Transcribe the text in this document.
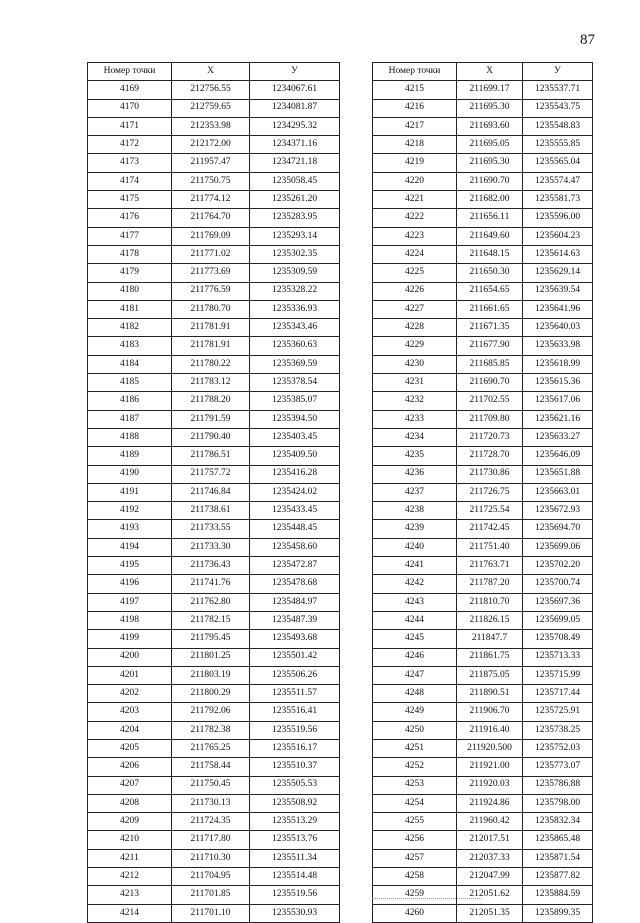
87
Номер точки	X	У
4169	212756.55	1234067.61
4170	212759.65	1234081.87
4171	212353.98	1234295.32
4172	212172.00	1234371.16
4173	211957.47	1234721.18
4174	211750.75	1235058.45
4175	211774.12	1235261.20
4176	211764.70	1235283.95
4177	211769.09	1235293.14
4178	211771.02	1235302.35
4179	211773.69	1235309.59
4180	211776.59	1235328.22
4181	211780.70	1235336.93
4182	211781.91	1235343.46
4183	211781.91	1235360.63
4184	211780.22	1235369.59
4185	211783.12	1235378.54
4186	211788.20	1235385.07
4187	211791.59	1235394.50
4188	211790.40	1235403.45
4189	211786.51	1235409.50
4190	211757.72	1235416.28
4191	211746.84	1235424.02
4192	211738.61	1235433.45
4193	211733.55	1235448.45
4194	211733.30	1235458.60
4195	211736.43	1235472.87
4196	211741.76	1235478.68
4197	211762.80	1235484.97
4198	211782.15	1235487.39
4199	211795.45	1235493.68
4200	211801.25	1235501.42
4201	211803.19	1235506.26
4202	211800.29	1235511.57
4203	211792.06	1235516.41
4204	211782.38	1235519.56
4205	211765.25	1235516.17
4206	211758.44	1235510.37
4207	211750.45	1235505.53
4208	211730.13	1235508.92
4209	211724.35	1235513.29
4210	211717.80	1235513.76
4211	211710.30	1235511.34
4212	211704.95	1235514.48
4213	211701.85	1235519.56
4214	211701.10	1235530.93
Номер точки	X	У
4215	211699.17	1235537.71
4216	211695.30	1235543.75
4217	211693.60	1235548.83
4218	211695.05	1235555.85
4219	211695.30	1235565.04
4220	211690.70	1235574.47
4221	211682.00	1235581.73
4222	211656.11	1235596.00
4223	211649.60	1235604.23
4224	211648.15	1235614.63
4225	211650.30	1235629.14
4226	211654.65	1235639.54
4227	211661.65	1235641.96
4228	211671.35	1235640.03
4229	211677.90	1235633.98
4230	211685.85	1235618.99
4231	211690.70	1235615.36
4232	211702.55	1235617.06
4233	211709.80	1235621.16
4234	211720.73	1235633.27
4235	211728.70	1235646.09
4236	211730.86	1235651.88
4237	211726.75	1235663.01
4238	211725.54	1235672.93
4239	211742.45	1235694.70
4240	211751.40	1235699.06
4241	211763.71	1235702.20
4242	211787.20	1235700.74
4243	211810.70	1235697.36
4244	211826.15	1235699.05
4245	211847.7	1235708.49
4246	211861.75	1235713.33
4247	211875.05	1235715.99
4248	211890.51	1235717.44
4249	211906.70	1235725.91
4250	211916.40	1235738.25
4251	211920.500	1235752.03
4252	211921.00	1235773.07
4253	211920.03	1235786.88
4254	211924.86	1235798.00
4255	211960.42	1235832.34
4256	212017.51	1235865.48
4257	212037.33	1235871.54
4258	212047.99	1235877.82
4259	212051.62	1235884.59
4260	212051.35	1235899.35
